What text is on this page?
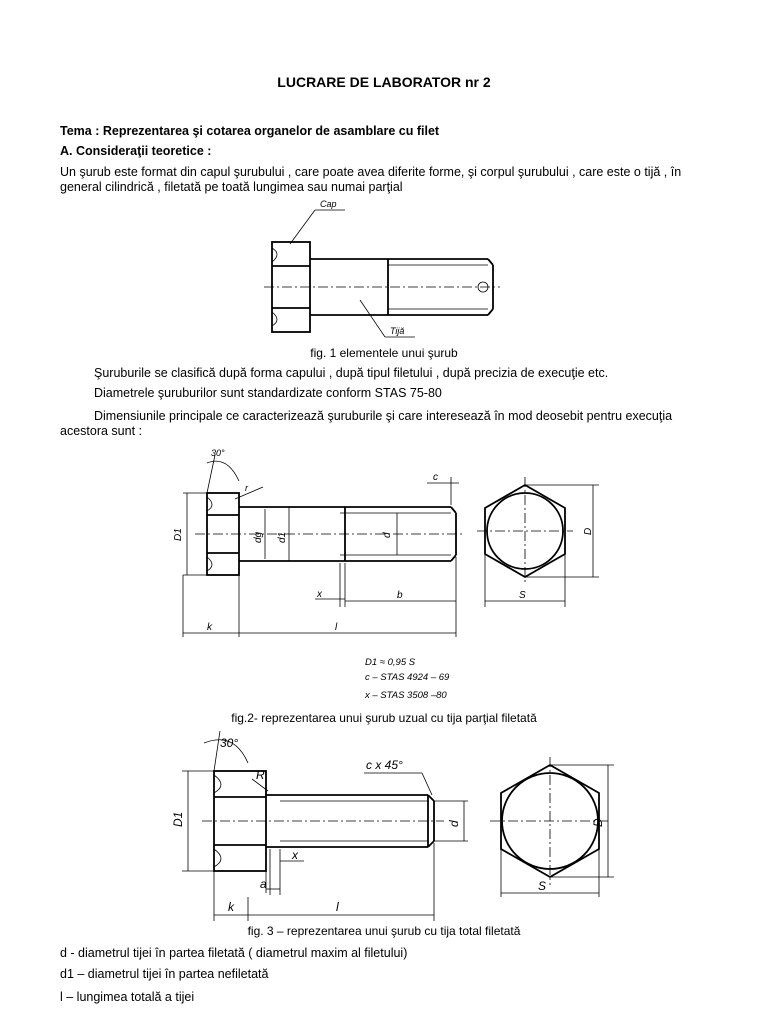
LUCRARE DE LABORATOR nr 2
Tema : Reprezentarea şi cotarea organelor de asamblare cu filet
A. Consideraţii teoretice :
Un şurub este format din capul şurubului , care poate avea diferite forme, şi corpul şurubului , care este o tijă , în general cilindrică , filetată pe toată lungimea sau numai parţial
Cap
Tijă
fig. 1 elementele unui şurub
Şuruburile se clasifică după forma capului , după tipul filetului , după precizia de execuţie etc.
Diametrele şuruburilor sunt standardizate conform STAS 75-80
Dimensiunile principale ce caracterizează şuruburile şi care interesează în mod deosebit pentru execuţia acestora sunt :
30°
r
c
D1	dg d1	d
D
x	b	S
k	l
D1 ≈ 0,95 S
c – STAS 4924 – 69
x – STAS 3508 –80
fig.2- reprezentarea unui şurub uzual cu tija parţial filetată
30°
R
c x 45°
D1	d	D
x
a	S
k	l
fig. 3 – reprezentarea unui şurub cu tija total filetată
d - diametrul tijei în partea filetată ( diametrul maxim al filetului)
d1 – diametrul tijei în partea nefiletată
l – lungimea totală a tijei
